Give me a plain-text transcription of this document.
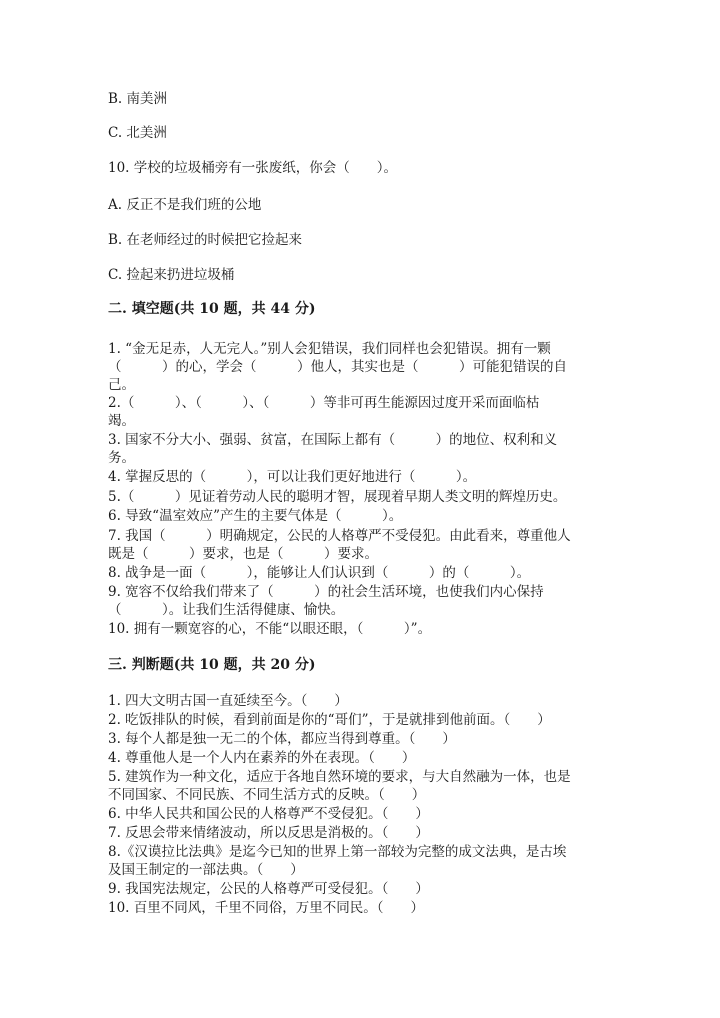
B. 南美洲
C. 北美洲
10. 学校的垃圾桶旁有一张废纸，你会（　　）。
A. 反正不是我们班的公地
B. 在老师经过的时候把它捡起来
C. 捡起来扔进垃圾桶
二. 填空题(共 10 题，共 44 分)
1. “金无足赤，人无完人。”别人会犯错误，我们同样也会犯错误。拥有一颗
（　　　）的心，学会（　　　）他人，其实也是（　　　）可能犯错误的自
己。
2.（　　　）、（　　　）、（　　　）等非可再生能源因过度开采而面临枯
竭。
3. 国家不分大小、强弱、贫富，在国际上都有（　　　）的地位、权利和义
务。
4. 掌握反思的（　　　），可以让我们更好地进行（　　　）。
5.（　　　）见证着劳动人民的聪明才智，展现着早期人类文明的辉煌历史。
6. 导致“温室效应”产生的主要气体是（　　　）。
7. 我国（　　　）明确规定，公民的人格尊严不受侵犯。由此看来，尊重他人
既是（　　　）要求，也是（　　　）要求。
8. 战争是一面（　　　），能够让人们认识到（　　　）的（　　　）。
9. 宽容不仅给我们带来了（　　　）的社会生活环境，也使我们内心保持
（　　　）。让我们生活得健康、愉快。
10. 拥有一颗宽容的心，不能“以眼还眼，（　　　）”。
三. 判断题(共 10 题，共 20 分)
1. 四大文明古国一直延续至今。（　　）
2. 吃饭排队的时候，看到前面是你的“哥们”，于是就排到他前面。（　　）
3. 每个人都是独一无二的个体，都应当得到尊重。（　　）
4. 尊重他人是一个人内在素养的外在表现。（　　）
5. 建筑作为一种文化，适应于各地自然环境的要求，与大自然融为一体，也是
不同国家、不同民族、不同生活方式的反映。（　　）
6. 中华人民共和国公民的人格尊严不受侵犯。（　　）
7. 反思会带来情绪波动，所以反思是消极的。（　　）
8.《汉谟拉比法典》是迄今已知的世界上第一部较为完整的成文法典，是古埃
及国王制定的一部法典。（　　）
9. 我国宪法规定，公民的人格尊严可受侵犯。（　　）
10. 百里不同风，千里不同俗，万里不同民。（　　）
